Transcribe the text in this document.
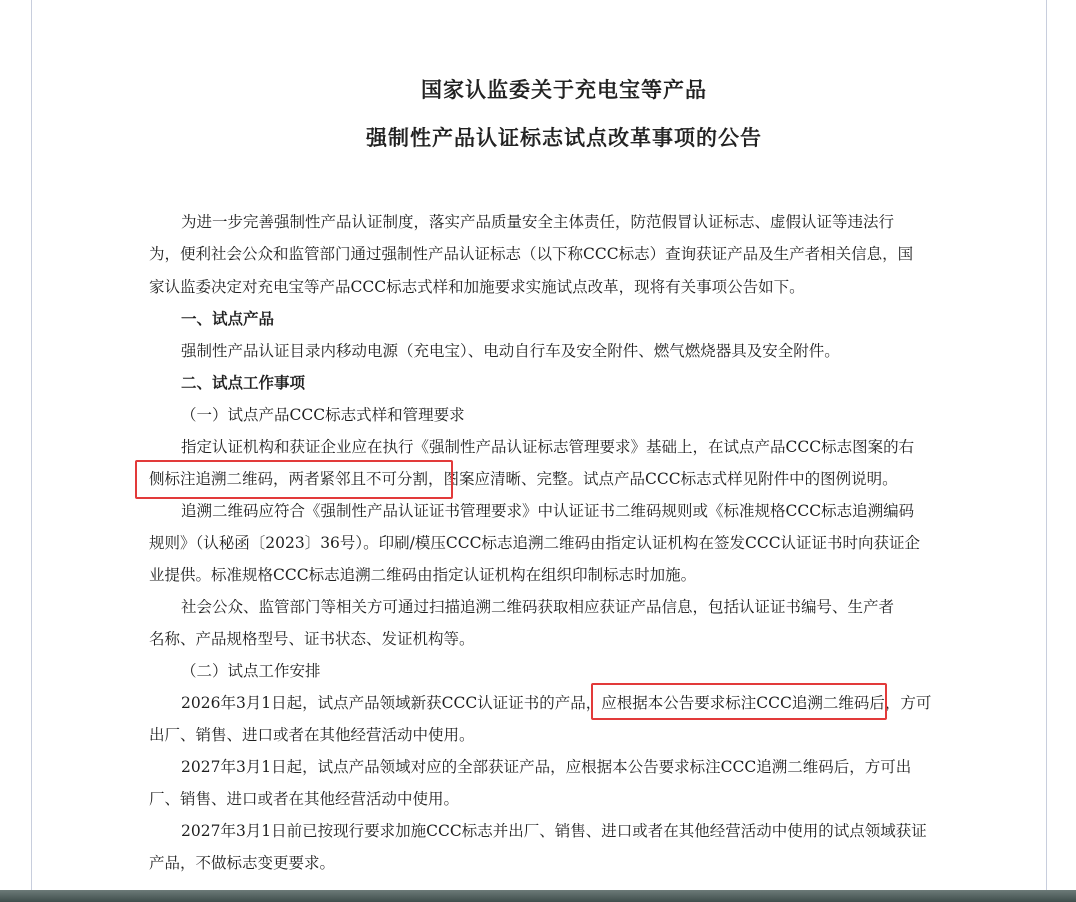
国家认监委关于充电宝等产品
强制性产品认证标志试点改革事项的公告
为进一步完善强制性产品认证制度，落实产品质量安全主体责任，防范假冒认证标志、虚假认证等违法行
为，便利社会公众和监管部门通过强制性产品认证标志（以下称CCC标志）查询获证产品及生产者相关信息，国
家认监委决定对充电宝等产品CCC标志式样和加施要求实施试点改革，现将有关事项公告如下。
一、试点产品
强制性产品认证目录内移动电源（充电宝）、电动自行车及安全附件、燃气燃烧器具及安全附件。
二、试点工作事项
（一）试点产品CCC标志式样和管理要求
指定认证机构和获证企业应在执行《强制性产品认证标志管理要求》基础上，在试点产品CCC标志图案的右
侧标注追溯二维码，两者紧邻且不可分割，图案应清晰、完整。试点产品CCC标志式样见附件中的图例说明。
追溯二维码应符合《强制性产品认证证书管理要求》中认证证书二维码规则或《标准规格CCC标志追溯编码
规则》（认秘函〔2023〕36号）。印刷/模压CCC标志追溯二维码由指定认证机构在签发CCC认证证书时向获证企
业提供。标准规格CCC标志追溯二维码由指定认证机构在组织印制标志时加施。
社会公众、监管部门等相关方可通过扫描追溯二维码获取相应获证产品信息，包括认证证书编号、生产者
名称、产品规格型号、证书状态、发证机构等。
（二）试点工作安排
2026年3月1日起，试点产品领域新获CCC认证证书的产品，应根据本公告要求标注CCC追溯二维码后，方可
出厂、销售、进口或者在其他经营活动中使用。
2027年3月1日起，试点产品领域对应的全部获证产品，应根据本公告要求标注CCC追溯二维码后，方可出
厂、销售、进口或者在其他经营活动中使用。
2027年3月1日前已按现行要求加施CCC标志并出厂、销售、进口或者在其他经营活动中使用的试点领域获证
产品，不做标志变更要求。
